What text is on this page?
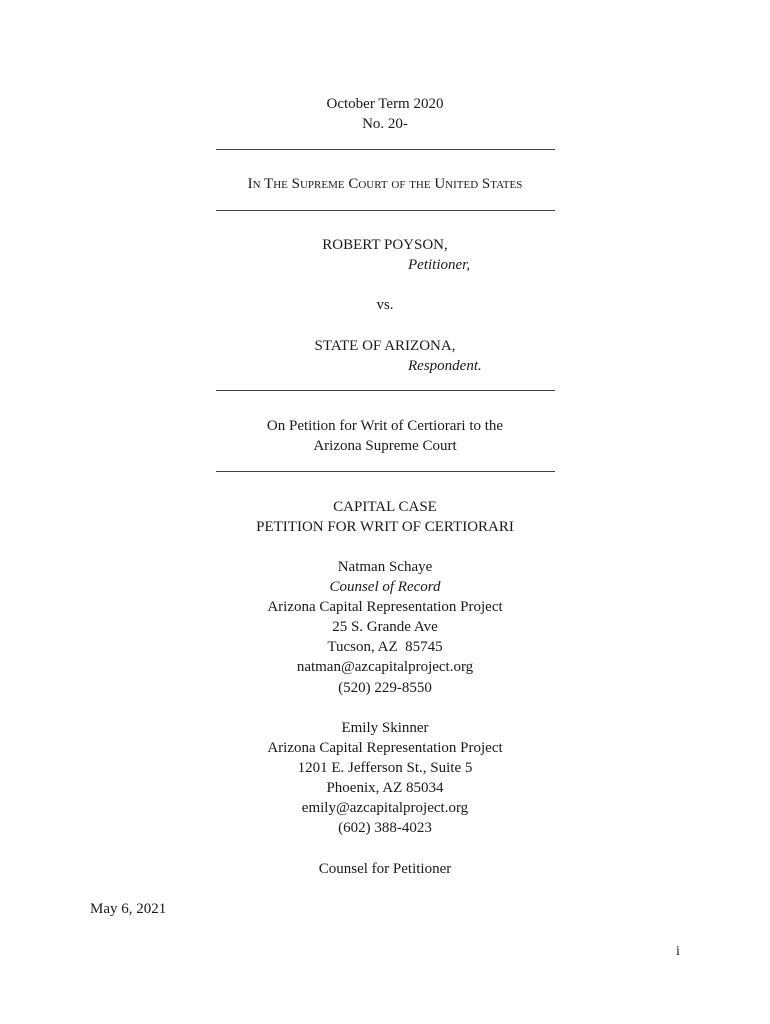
October Term 2020
No. 20-
In The Supreme Court of the United States
ROBERT POYSON,
Petitioner,
vs.
STATE OF ARIZONA,
Respondent.
On Petition for Writ of Certiorari to the
Arizona Supreme Court
CAPITAL CASE
PETITION FOR WRIT OF CERTIORARI
Natman Schaye
Counsel of Record
Arizona Capital Representation Project
25 S. Grande Ave
Tucson, AZ  85745
natman@azcapitalproject.org
(520) 229-8550
Emily Skinner
Arizona Capital Representation Project
1201 E. Jefferson St., Suite 5
Phoenix, AZ 85034
emily@azcapitalproject.org
(602) 388-4023
Counsel for Petitioner
May 6, 2021
i
